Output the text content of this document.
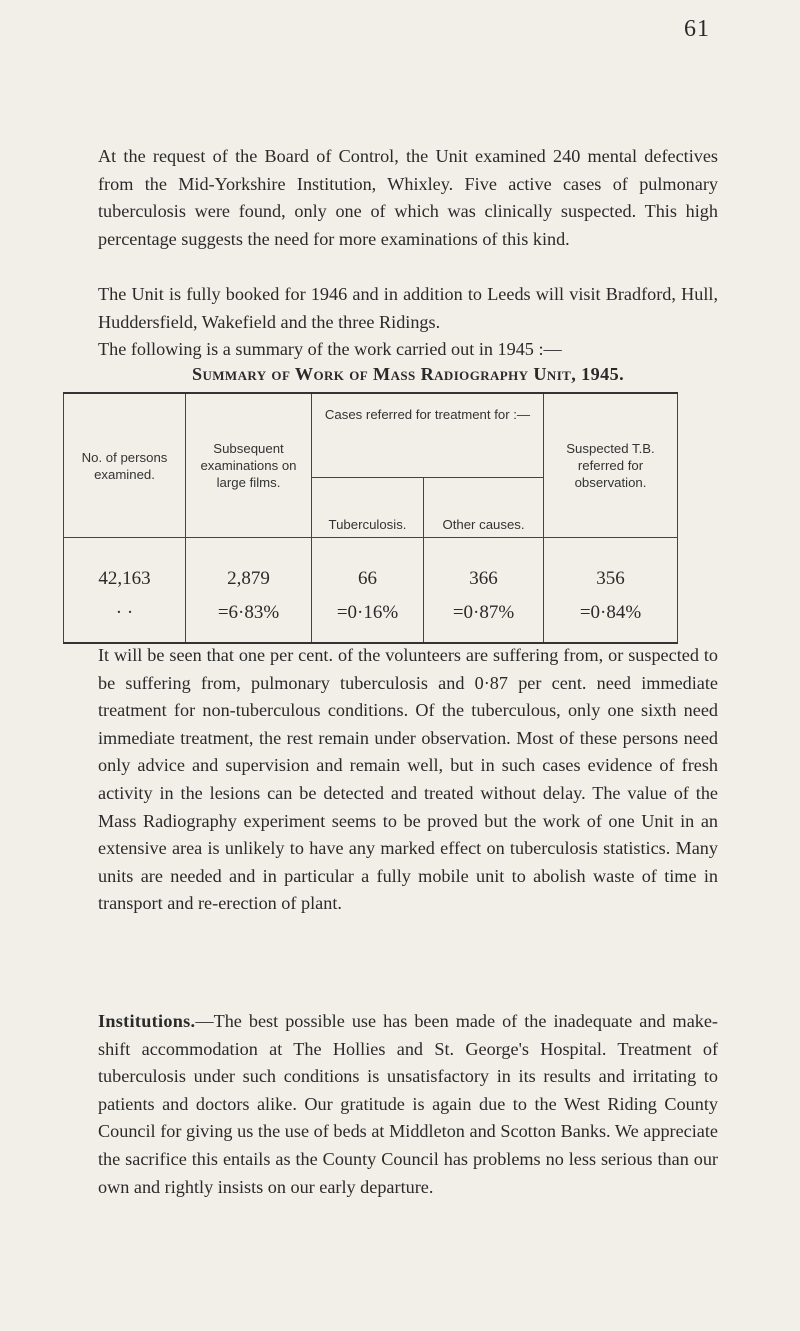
61

At the request of the Board of Control, the Unit examined 240 mental defectives from the Mid-Yorkshire Institution, Whixley. Five active cases of pulmonary tuberculosis were found, only one of which was clinically suspected. This high percentage suggests the need for more examinations of this kind.

The Unit is fully booked for 1946 and in addition to Leeds will visit Bradford, Hull, Huddersfield, Wakefield and the three Ridings.

The following is a summary of the work carried out in 1945 :—

Summary of Work of Mass Radiography Unit, 1945.
No. of persons examined.	Subsequent examinations on large films.	Cases referred for treatment for :—		Suspected T.B. referred for observation.
		Tuberculosis.	Other causes.	
42,163	2,879	66	366	356
· ·	=6·83%	=0·16%	=0·87%	=0·84%

It will be seen that one per cent. of the volunteers are suffering from, or suspected to be suffering from, pulmonary tuberculosis and 0·87 per cent. need immediate treatment for non-tuberculous conditions. Of the tuberculous, only one sixth need immediate treatment, the rest remain under observation. Most of these persons need only advice and supervision and remain well, but in such cases evidence of fresh activity in the lesions can be detected and treated without delay. The value of the Mass Radiography experiment seems to be proved but the work of one Unit in an extensive area is unlikely to have any marked effect on tuberculosis statistics. Many units are needed and in particular a fully mobile unit to abolish waste of time in transport and re-erection of plant.

Institutions.—The best possible use has been made of the inadequate and make-shift accommodation at The Hollies and St. George's Hospital. Treatment of tuberculosis under such conditions is unsatisfactory in its results and irritating to patients and doctors alike. Our gratitude is again due to the West Riding County Council for giving us the use of beds at Middleton and Scotton Banks. We appreciate the sacrifice this entails as the County Council has problems no less serious than our own and rightly insists on our early departure.
